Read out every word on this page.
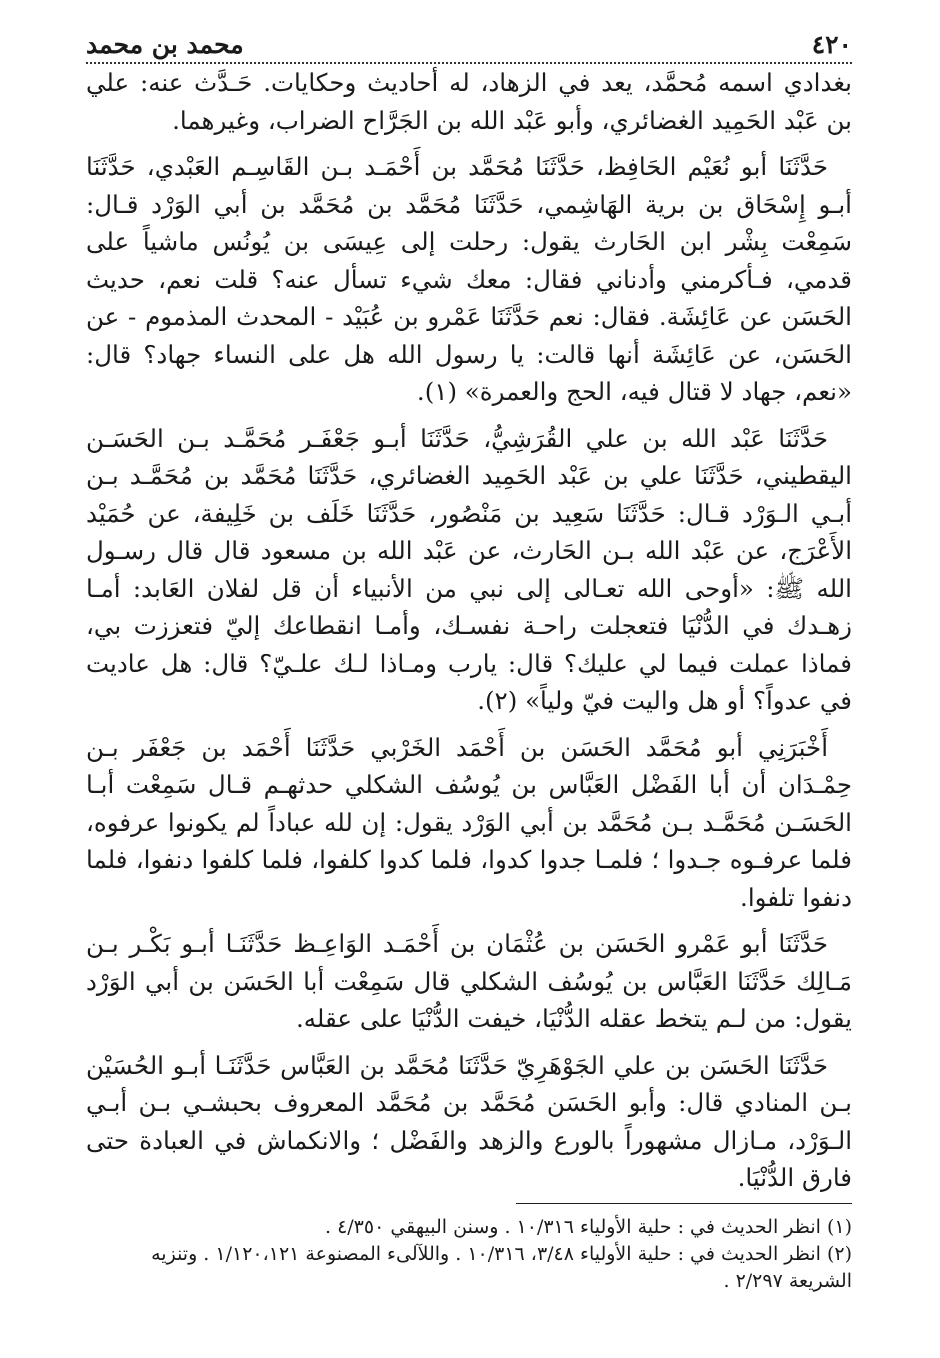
٤٢٠
محمد بن محمد

بغدادي اسمه مُحمَّد، يعد في الزهاد، له أحاديث وحكايات. حَـدَّث عنه: علي بن عَبْد الحَمِيد الغضائري، وأبو عَبْد الله بن الجَرَّاح الضراب، وغيرهما.

حَدَّثَنَا أبو نُعَيْم الحَافِظ، حَدَّثَنَا مُحَمَّد بن أَحْمَـد بـن القَاسِـم العَبْدي، حَدَّثَنَا أبـو إِسْحَاق بن برية الهَاشِمي، حَدَّثَنَا مُحَمَّد بن مُحَمَّد بن أبي الوَرْد قـال: سَمِعْت بِشْر ابن الحَارث يقول: رحلت إلى عِيسَى بن يُونُس ماشياً على قدمي، فـأكرمني وأدناني فقال: معك شيء تسأل عنه؟ قلت نعم، حديث الحَسَن عن عَائِشَة. فقال: نعم حَدَّثَنَا عَمْرو بن عُبَيْد - المحدث المذموم - عن الحَسَن، عن عَائِشَة أنها قالت: يا رسول الله هل على النساء جهاد؟ قال: «نعم، جهاد لا قتال فيه، الحج والعمرة» (١).

حَدَّثَنَا عَبْد الله بن علي القُرَشِيُّ، حَدَّثَنَا أبـو جَعْفَـر مُحَمَّـد بـن الحَسَـن اليقطيني، حَدَّثَنَا علي بن عَبْد الحَمِيد الغضائري، حَدَّثَنَا مُحَمَّد بن مُحَمَّـد بـن أبـي الـوَرْد قـال: حَدَّثَنَا سَعِيد بن مَنْصُور، حَدَّثَنَا خَلَف بن خَلِيفة، عن حُمَيْد الأَعْرَج، عن عَبْد الله بـن الحَارث، عن عَبْد الله بن مسعود قال قال رسـول الله ﷺ: «أوحى الله تعـالى إلى نبي من الأنبياء أن قل لفلان العَابد: أمـا زهـدك في الدُّنْيَا فتعجلت راحـة نفسـك، وأمـا انقطاعك إليّ فتعززت بي، فماذا عملت فيما لي عليك؟ قال: يارب ومـاذا لـك علـيّ؟ قال: هل عاديت في عدواً؟ أو هل واليت فيّ ولياً» (٢).

أَخْبَرَنِي أبو مُحَمَّد الحَسَن بن أَحْمَد الخَرْبي حَدَّثَنَا أَحْمَد بن جَعْفَر بـن حِمْـدَان أن أبا الفَضْل العَبَّاس بن يُوسُف الشكلي حدثهـم قـال سَمِعْت أبـا الحَسَـن مُحَمَّـد بـن مُحَمَّد بن أبي الوَرْد يقول: إن لله عباداً لم يكونوا عرفوه، فلما عرفـوه جـدوا ؛ فلمـا جدوا كدوا، فلما كدوا كلفوا، فلما كلفوا دنفوا، فلما دنفوا تلفوا.

حَدَّثَنَا أبو عَمْرو الحَسَن بن عُثْمَان بن أَحْمَـد الوَاعِـظ حَدَّثَنَـا أبـو بَكْـر بـن مَـالِك حَدَّثَنَا العَبَّاس بن يُوسُف الشكلي قال سَمِعْت أبا الحَسَن بن أبي الوَرْد يقول: من لـم يتخط عقله الدُّنْيَا، خيفت الدُّنْيَا على عقله.

حَدَّثَنَا الحَسَن بن علي الجَوْهَرِيّ حَدَّثَنَا مُحَمَّد بن العَبَّاس حَدَّثَنَـا أبـو الحُسَيْن بـن المنادي قال: وأبو الحَسَن مُحَمَّد بن مُحَمَّد المعروف بحبشـي بـن أبـي الـوَرْد، مـازال مشهوراً بالورع والزهد والفَضْل ؛ والانكماش في العبادة حتى فارق الدُّنْيَا.

(١) انظر الحديث في : حلية الأولياء ١٠/٣١٦ . وسنن البيهقي ٤/٣٥٠ .

(٢) انظر الحديث في : حلية الأولياء ٣/٤٨، ١٠/٣١٦ . واللآلىء المصنوعة ١/١٢٠،١٢١ . وتنزيه الشريعة ٢/٢٩٧ .
